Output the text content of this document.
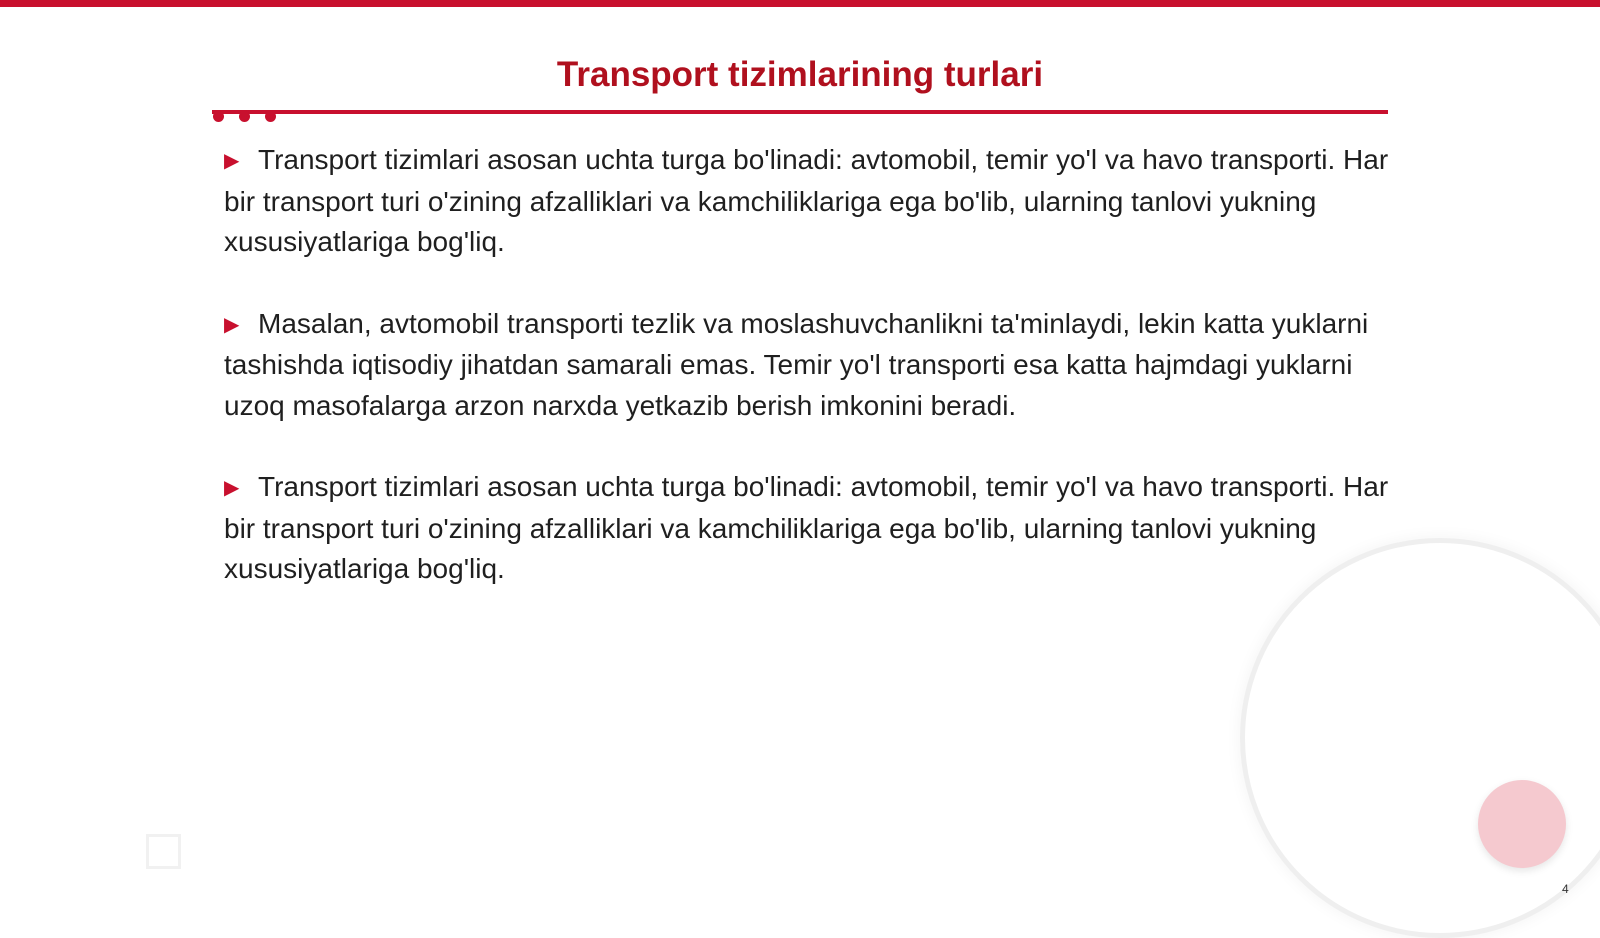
Transport tizimlarining turlari
▶ Transport tizimlari asosan uchta turga bo'linadi: avtomobil, temir yo'l va havo transporti. Har bir transport turi o'zining afzalliklari va kamchiliklariga ega bo'lib, ularning tanlovi yukning xususiyatlariga bog'liq.
▶ Masalan, avtomobil transporti tezlik va moslashuvchanlikni ta'minlaydi, lekin katta yuklarni tashishda iqtisodiy jihatdan samarali emas. Temir yo'l transporti esa katta hajmdagi yuklarni uzoq masofalarga arzon narxda yetkazib berish imkonini beradi.
▶ Transport tizimlari asosan uchta turga bo'linadi: avtomobil, temir yo'l va havo transporti. Har bir transport turi o'zining afzalliklari va kamchiliklariga ega bo'lib, ularning tanlovi yukning xususiyatlariga bog'liq.
4
